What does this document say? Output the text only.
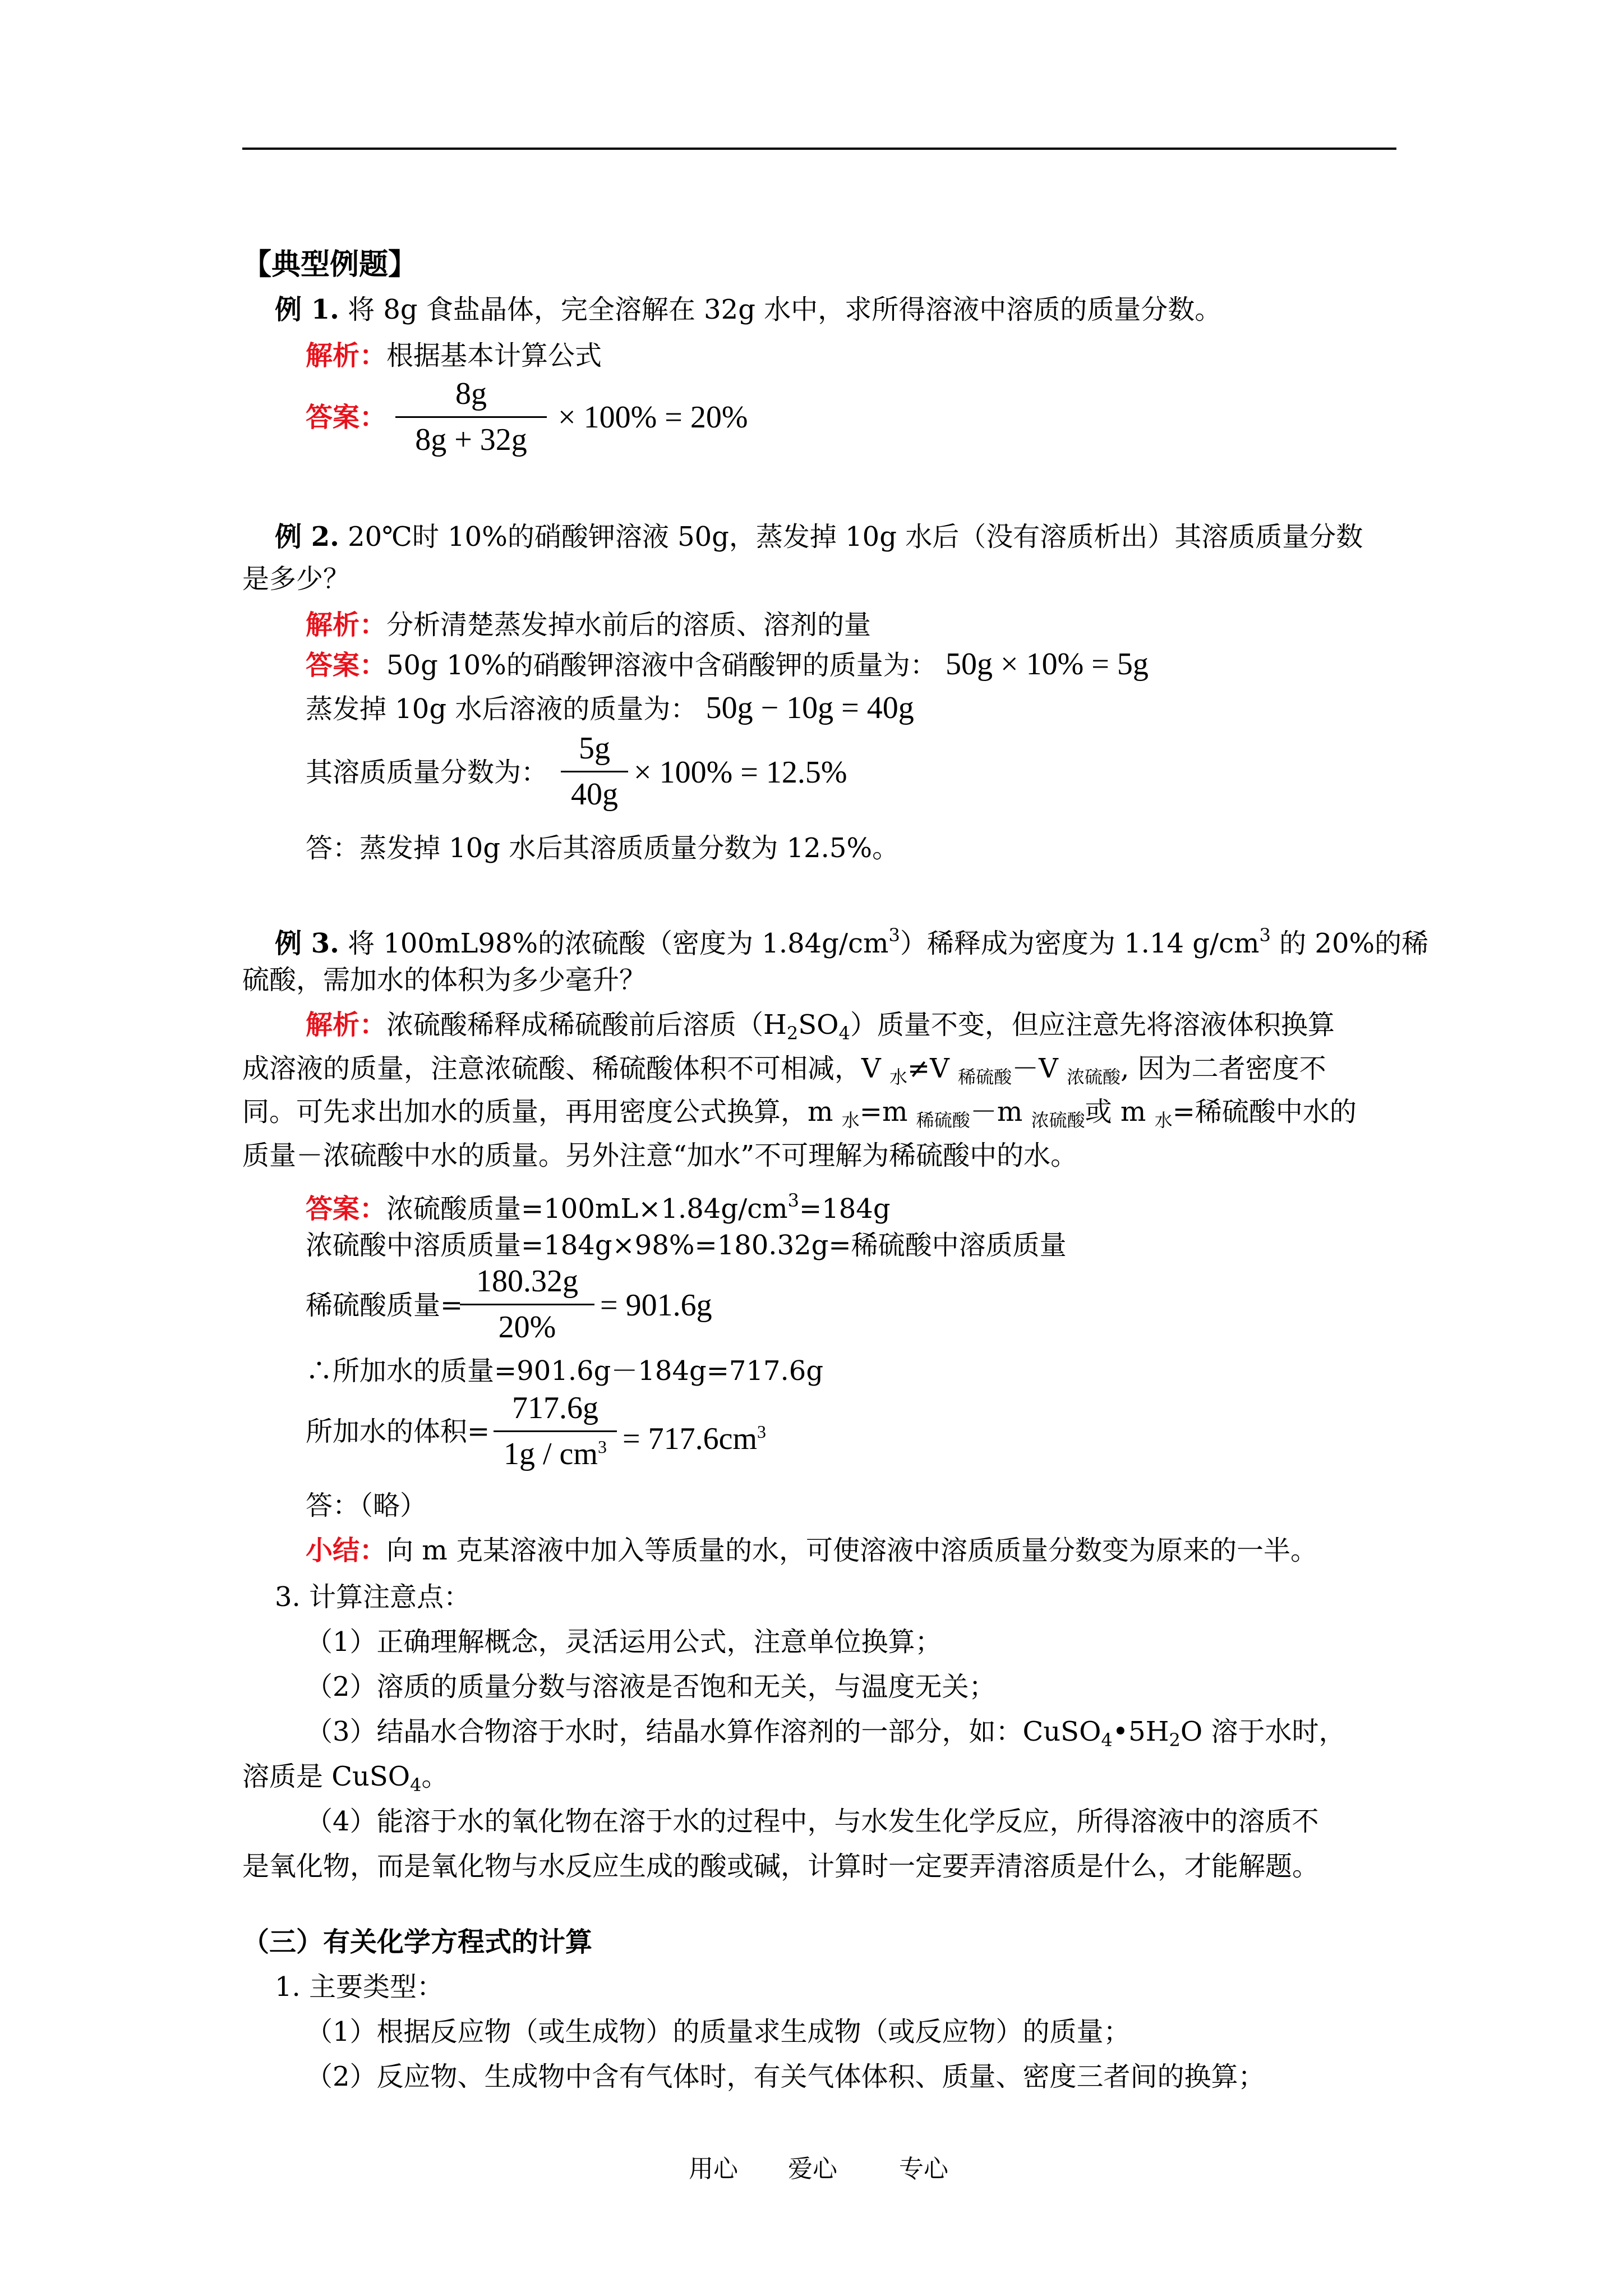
【典型例题】
例 1. 将 8g 食盐晶体，完全溶解在 32g 水中，求所得溶液中溶质的质量分数。
解析：根据基本计算公式
答案：
8g
8g + 32g
× 100% = 20%
例 2. 20℃时 10%的硝酸钾溶液 50g，蒸发掉 10g 水后（没有溶质析出）其溶质质量分数
是多少？
解析：分析清楚蒸发掉水前后的溶质、溶剂的量
答案：50g 10%的硝酸钾溶液中含硝酸钾的质量为： 50g × 10% = 5g
蒸发掉 10g 水后溶液的质量为： 50g − 10g = 40g
其溶质质量分数为：
5g
40g
× 100% = 12.5%
答：蒸发掉 10g 水后其溶质质量分数为 12.5%。
例 3. 将 100mL98%的浓硫酸（密度为 $1.84g/cm^3$）稀释成为密度为 1.14 $g/cm^3$ 的 20%的稀
硫酸，需加水的体积为多少毫升？
解析：浓硫酸稀释成稀硫酸前后溶质$(H_2SO_4)$质量不变，但应注意先将溶液体积换算
成溶液的质量，注意浓硫酸、稀硫酸体积不可相减，V $_水$≠V $_{稀硫酸}$－V $_{浓硫酸}$, 因为二者密度不
同。可先求出加水的质量，再用密度公式换算，m $_水$=m $_{稀硫酸}$－m $_{浓硫酸}$或 m $_水$=稀硫酸中水的
质量－浓硫酸中水的质量。另外注意“加水”不可理解为稀硫酸中的水。
答案：浓硫酸质量$=100mL\times 1.84g/cm^3=184g$
浓硫酸中溶质质量=184g×98%=180.32g=稀硫酸中溶质质量
稀硫酸质量=
180.32g
20%
= 901.6g
∴所加水的质量=901.6g－184g=717.6g
所加水的体积=
717.6g
$1g / cm^3 = 717.6cm^3$
答：（略）
小结：向 m 克某溶液中加入等质量的水，可使溶液中溶质质量分数变为原来的一半。
3. 计算注意点：
（1）正确理解概念，灵活运用公式，注意单位换算；
（2）溶质的质量分数与溶液是否饱和无关，与温度无关；
（3）结晶水合物溶于水时，结晶水算作溶剂的一部分，如：$CuSO_4•5H_2O$ 溶于水时，
溶质是 CuSO$_4$。
（4）能溶于水的氧化物在溶于水的过程中，与水发生化学反应，所得溶液中的溶质不
是氧化物，而是氧化物与水反应生成的酸或碱，计算时一定要弄清溶质是什么，才能解题。
（三）有关化学方程式的计算
1. 主要类型：
（1）根据反应物（或生成物）的质量求生成物（或反应物）的质量；
（2）反应物、生成物中含有气体时，有关气体体积、质量、密度三者间的换算；
用心 爱心	专心
